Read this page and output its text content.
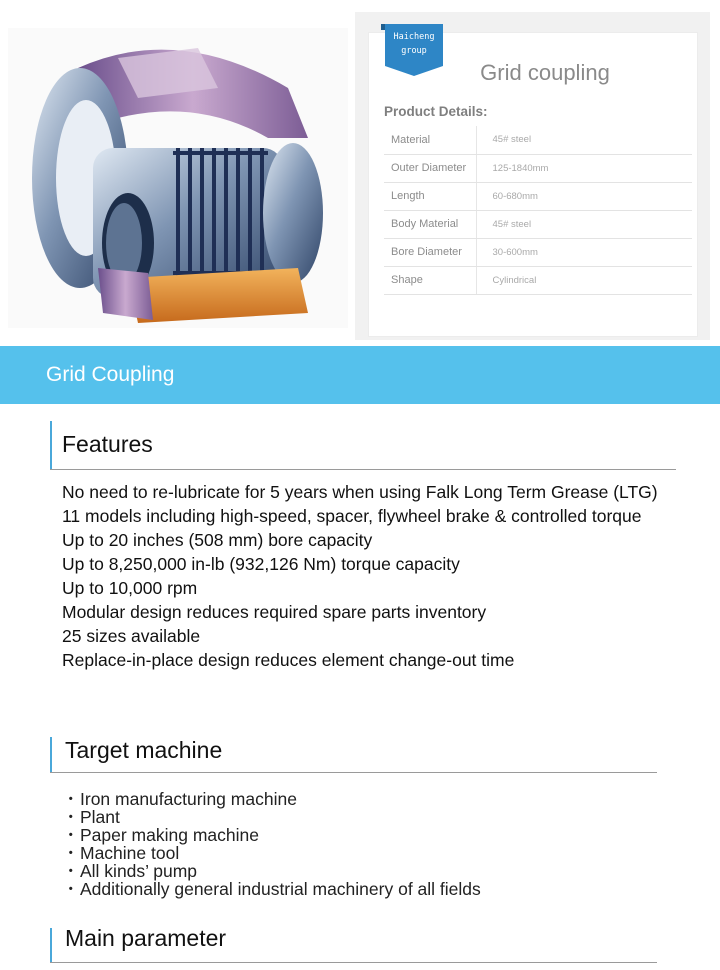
Haicheng
group
Grid coupling
Product Details:
Material	45# steel
Outer Diameter	125-1840mm
Length	60-680mm
Body Material	45# steel
Bore Diameter	30-600mm
Shape	Cylindrical
Grid Coupling
Features
No need to re-lubricate for 5 years when using Falk Long Term Grease (LTG)
11 models including high-speed, spacer, flywheel brake & controlled torque
Up to 20 inches (508 mm) bore capacity
Up to 8,250,000 in-lb (932,126 Nm) torque capacity
Up to 10,000 rpm
Modular design reduces required spare parts inventory
25 sizes available
Replace-in-place design reduces element change-out time
Target machine
・ Iron manufacturing machine
・ Plant
・ Paper making machine
・ Machine tool
・ All kinds’ pump
・ Additionally general industrial machinery of all fields
Main parameter
